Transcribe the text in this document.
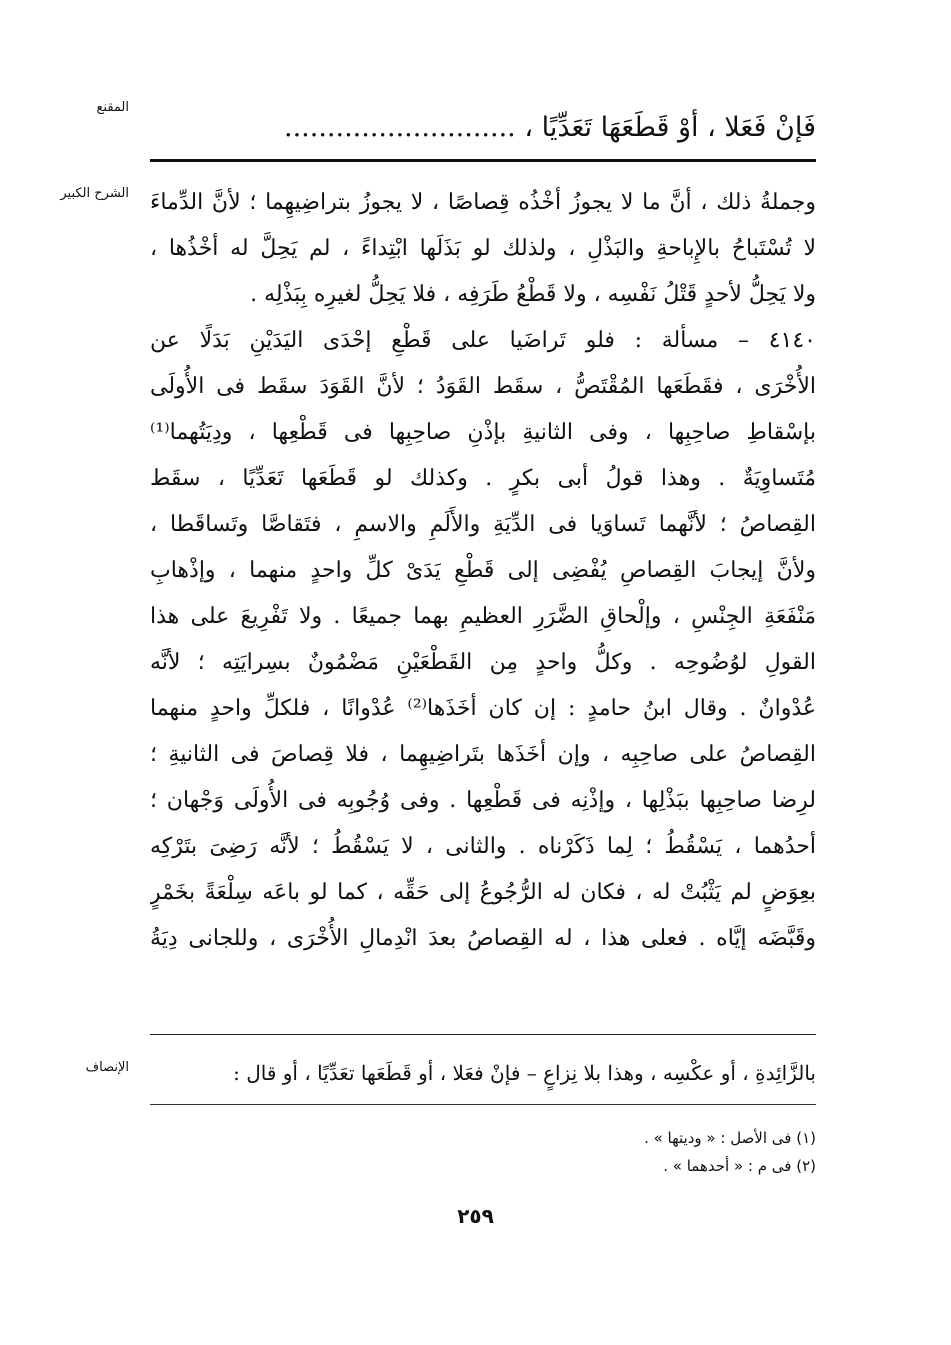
المقنع
فَإنْ فَعَلا ، أَوْ قَطَعَهَا تَعَدِّيًا ، ...........................
الشرح الكبير وجملةُ ذلك ، أنَّ ما لا يجوزُ أخْذُه قِصاصًا ، لا يجوزُ بتراضِيهِما ؛ لأنَّ الدِّماءَ
لا تُسْتَباحُ بالإِباحةِ والبَذْلِ ، ولذلك لو بَذَلَها ابْتِداءً ، لم يَحِلَّ له أخْذُها ،
ولا يَحِلُّ لأحدٍ قَتْلُ نَفْسِه ، ولا قَطْعُ طَرَفِه ، فلا يَحِلُّ لغيرِه بِبَذْلِه .
٤١٤٠ – مسألة : فلو تَراضَيا على قَطْعِ إحْدَى اليَدَيْنِ بَدَلًا عن
الأُخْرَى ، فقَطَعَها المُقْتَصُّ ، سقَط القَوَدُ ؛ لأنَّ القَوَدَ سقَط فى الأُولَى
بإسْقاطِ صاحِبِها ، وفى الثانيةِ بإذْنِ صاحِبِها فى قَطْعِها ، ودِيَتُهما⁽¹⁾
مُتَساوِيَةٌ . وهذا قولُ أبى بكرٍ . وكذلك لو قَطَعَها تَعَدِّيًا ، سقَط
القِصاصُ ؛ لأنَّهما تَساوَيا فى الدِّيَةِ والأَلَمِ والاسمِ ، فتَقاصَّا وتَساقَطا ،
ولأنَّ إيجابَ القِصاصِ يُفْضِى إلى قَطْعِ يَدَىْ كلِّ واحدٍ منهما ، وإذْهابِ
مَنْفَعَةِ الجِنْسِ ، وإلْحاقِ الضَّرَرِ العظيمِ بهما جميعًا . ولا تَفْرِيعَ على هذا
القولِ لوُضُوحِه . وكلُّ واحدٍ مِن القَطْعَيْنِ مَضْمُونٌ بسِرايَتِه ؛ لأنَّه
عُدْوانٌ . وقال ابنُ حامدٍ : إن كان أخَذَها⁽²⁾ عُدْوانًا ، فلكلِّ واحدٍ منهما
القِصاصُ على صاحِبِه ، وإن أخَذَها بتَراضِيهِما ، فلا قِصاصَ فى الثانيةِ ؛
لرِضا صاحِبِها ببَذْلِها ، وإذْنِه فى قَطْعِها . وفى وُجُوبِه فى الأُولَى وَجْهان ؛
أحدُهما ، يَسْقُطُ ؛ لِما ذَكَرْناه . والثانى ، لا يَسْقُطُ ؛ لأنَّه رَضِىَ بتَرْكِه
بعِوَضٍ لم يَثْبُتْ له ، فكان له الرُّجُوعُ إلى حَقِّه ، كما لو باعَه سِلْعَةً بخَمْرٍ
وقَبَّضَه إيَّاه . فعلى هذا ، له القِصاصُ بعدَ انْدِمالِ الأُخْرَى ، وللجانى دِيَةُ
الإنصاف	بالزَّائِدةِ ، أو عكْسِه ، وهذا بلا نِزاعٍ – فإنْ فعَلا ، أو قَطَعَها تعَدِّيًا ، أو قال :
(١) فى الأصل : « وديتها » .
(٢) فى م : « أحدهما » .
٢٥٩
